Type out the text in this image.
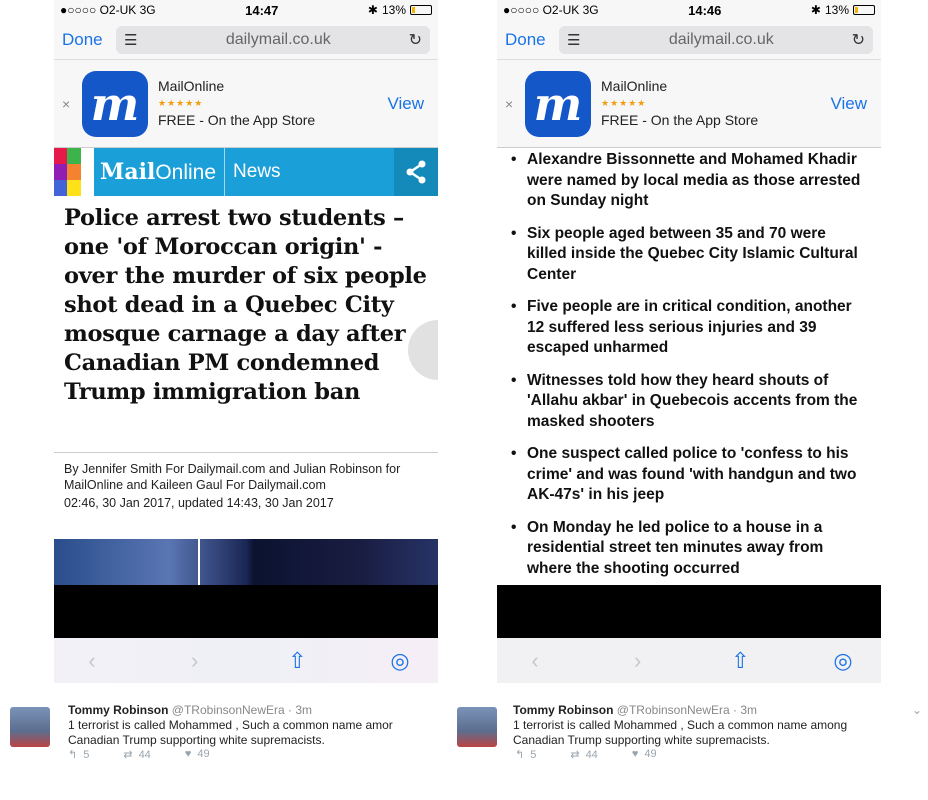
●○○○○ O2-UK 3G	14:47	✱ 13%
Done	☰	dailymail.co.uk	↻
× m	MailOnline
★★★★★
FREE - On the App Store
View
MailOnline News
Police arrest two students – one 'of Moroccan origin' - over the murder of six people shot dead in a Quebec City mosque carnage a day after Canadian PM condemned Trump immigration ban
By Jennifer Smith For Dailymail.com and Julian Robinson for MailOnline and Kaileen Gaul For Dailymail.com
02:46, 30 Jan 2017, updated 14:43, 30 Jan 2017
‹	›	⇧	◎
●○○○○ O2-UK 3G	14:46	✱ 13%
Done	☰	dailymail.co.uk	↻
× m	MailOnline
★★★★★
FREE - On the App Store
View
• Alexandre Bissonnette and Mohamed Khadir were named by local media as those arrested on Sunday night
• Six people aged between 35 and 70 were killed inside the Quebec City Islamic Cultural Center
• Five people are in critical condition, another 12 suffered less serious injuries and 39 escaped unharmed
• Witnesses told how they heard shouts of 'Allahu akbar' in Quebecois accents from the masked shooters
• One suspect called police to 'confess to his crime' and was found 'with handgun and two AK-47s' in his jeep
• On Monday he led police to a house in a residential street ten minutes away from where the shooting occurred
‹	›	⇧	◎
Tommy Robinson @TRobinsonNewEra · 3m
1 terrorist is called Mohammed , Such a common name amor
Canadian Trump supporting white supremacists.
↰ 5	⇄ 44	♥ 49
Tommy Robinson @TRobinsonNewEra · 3m
1 terrorist is called Mohammed , Such a common name among
Canadian Trump supporting white supremacists.
⌄
↰ 5	⇄ 44	♥ 49
